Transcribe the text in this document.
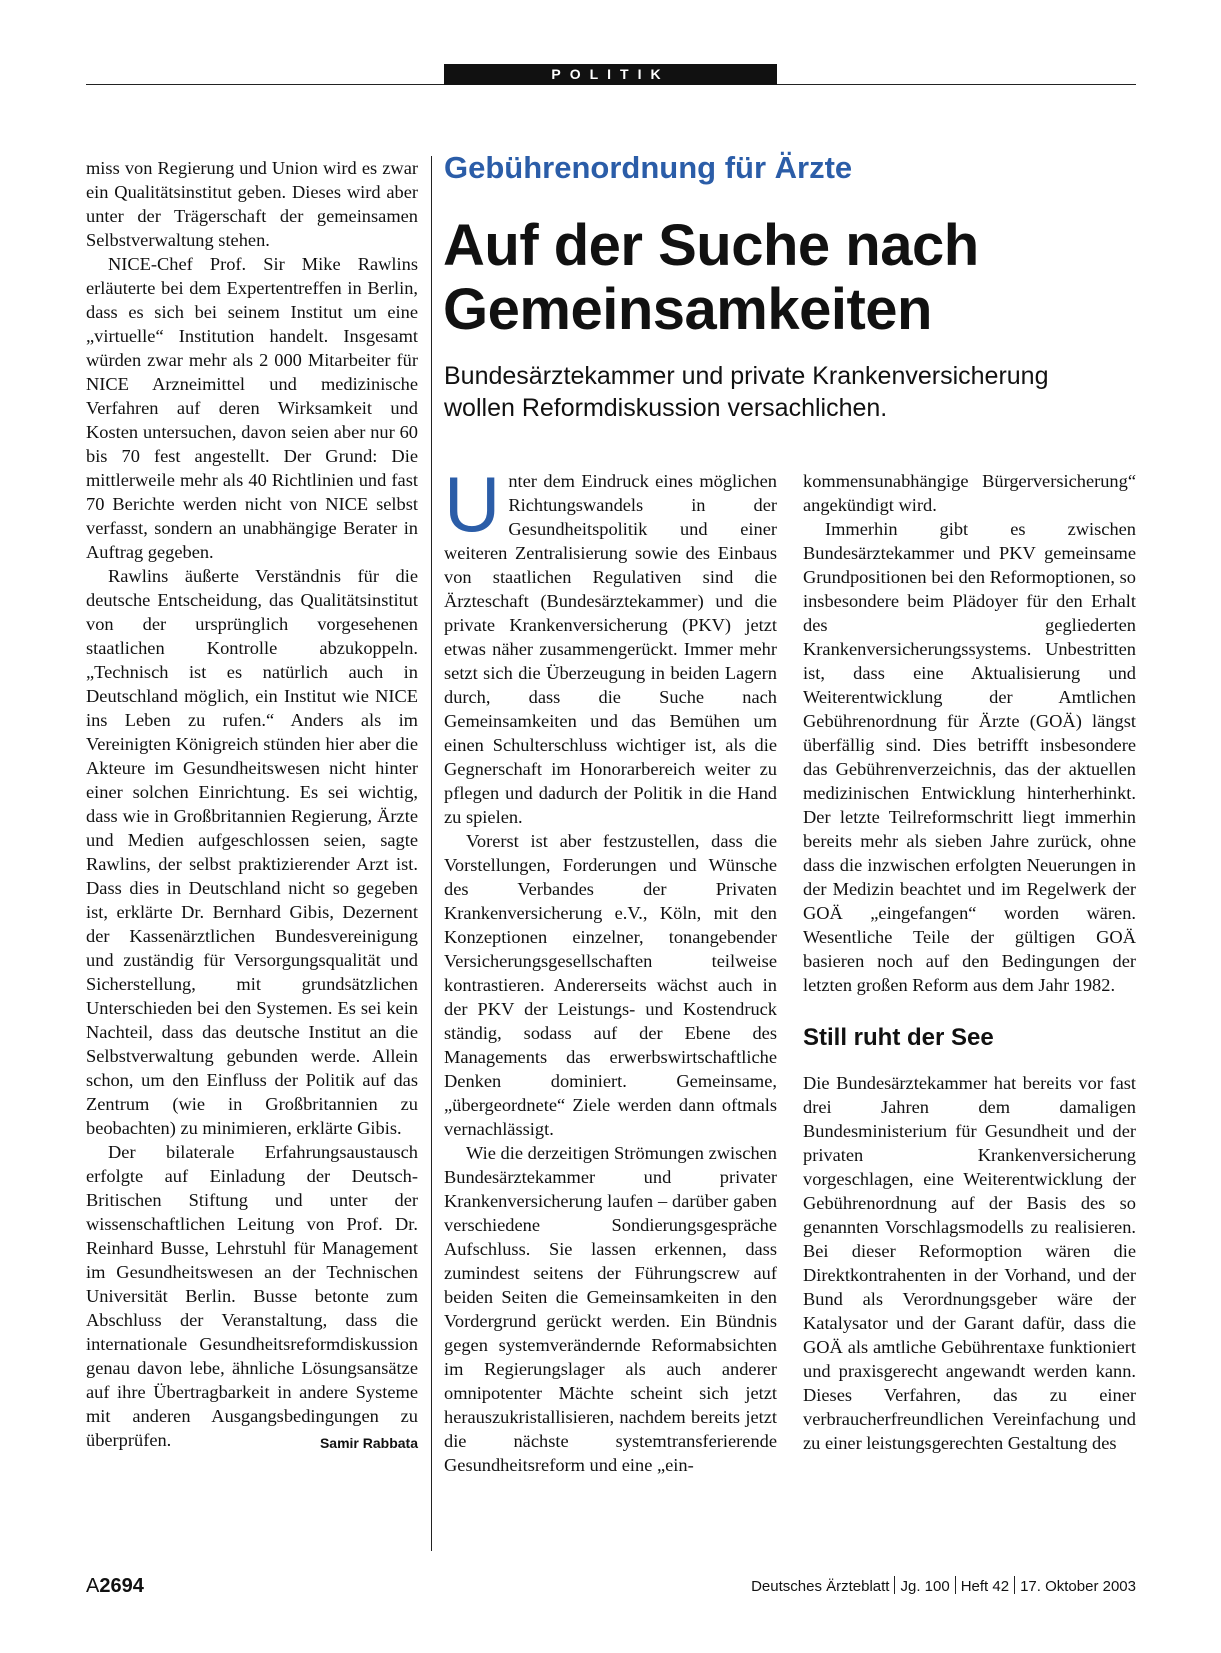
POLITIK
Gebührenordnung für Ärzte
Auf der Suche nach
Gemeinsamkeiten
Bundesärztekammer und private Krankenversicherung
wollen Reformdiskussion versachlichen.

miss von Regierung und Union wird es zwar ein Qualitätsinstitut geben. Dieses wird aber unter der Trägerschaft der gemeinsamen Selbstverwaltung stehen.

NICE-Chef Prof. Sir Mike Rawlins erläuterte bei dem Expertentreffen in Berlin, dass es sich bei seinem Institut um eine „virtuelle“ Institution handelt. Insgesamt würden zwar mehr als 2 000 Mitarbeiter für NICE Arzneimittel und medizinische Verfahren auf deren Wirksamkeit und Kosten untersuchen, davon seien aber nur 60 bis 70 fest angestellt. Der Grund: Die mittlerweile mehr als 40 Richtlinien und fast 70 Berichte werden nicht von NICE selbst verfasst, sondern an unabhängige Berater in Auftrag gegeben.

Rawlins äußerte Verständnis für die deutsche Entscheidung, das Qualitätsinstitut von der ursprünglich vorgesehenen staatlichen Kontrolle abzukoppeln. „Technisch ist es natürlich auch in Deutschland möglich, ein Institut wie NICE ins Leben zu rufen.“ Anders als im Vereinigten Königreich stünden hier aber die Akteure im Gesundheitswesen nicht hinter einer solchen Einrichtung. Es sei wichtig, dass wie in Großbritannien Regierung, Ärzte und Medien aufgeschlossen seien, sagte Rawlins, der selbst praktizierender Arzt ist. Dass dies in Deutschland nicht so gegeben ist, erklärte Dr. Bernhard Gibis, Dezernent der Kassenärztlichen Bundesvereinigung und zuständig für Versorgungsqualität und Sicherstellung, mit grundsätzlichen Unterschieden bei den Systemen. Es sei kein Nachteil, dass das deutsche Institut an die Selbstverwaltung gebunden werde. Allein schon, um den Einfluss der Politik auf das Zentrum (wie in Großbritannien zu beobachten) zu minimieren, erklärte Gibis.

Der bilaterale Erfahrungsaustausch erfolgte auf Einladung der Deutsch-Britischen Stiftung und unter der wissenschaftlichen Leitung von Prof. Dr. Reinhard Busse, Lehrstuhl für Management im Gesundheitswesen an der Technischen Universität Berlin. Busse betonte zum Abschluss der Veranstaltung, dass die internationale Gesundheitsreformdiskussion genau davon lebe, ähnliche Lösungsansätze auf ihre Übertragbarkeit in andere Systeme mit anderen Ausgangsbedingungen zu überprüfen.	Samir Rabbata

Unter dem Eindruck eines möglichen Richtungswandels in der Gesundheitspolitik und einer weiteren Zentralisierung sowie des Einbaus von staatlichen Regulativen sind die Ärzteschaft (Bundesärztekammer) und die private Krankenversicherung (PKV) jetzt etwas näher zusammengerückt. Immer mehr setzt sich die Überzeugung in beiden Lagern durch, dass die Suche nach Gemeinsamkeiten und das Bemühen um einen Schulterschluss wichtiger ist, als die Gegnerschaft im Honorarbereich weiter zu pflegen und dadurch der Politik in die Hand zu spielen.

Vorerst ist aber festzustellen, dass die Vorstellungen, Forderungen und Wünsche des Verbandes der Privaten Krankenversicherung e.V., Köln, mit den Konzeptionen einzelner, tonangebender Versicherungsgesellschaften teilweise kontrastieren. Andererseits wächst auch in der PKV der Leistungs- und Kostendruck ständig, sodass auf der Ebene des Managements das erwerbswirtschaftliche Denken dominiert. Gemeinsame, „übergeordnete“ Ziele werden dann oftmals vernachlässigt.

Wie die derzeitigen Strömungen zwischen Bundesärztekammer und privater Krankenversicherung laufen – darüber gaben verschiedene Sondierungsgespräche Aufschluss. Sie lassen erkennen, dass zumindest seitens der Führungscrew auf beiden Seiten die Gemeinsamkeiten in den Vordergrund gerückt werden. Ein Bündnis gegen systemverändernde Reformabsichten im Regierungslager als auch anderer omnipotenter Mächte scheint sich jetzt herauszukristallisieren, nachdem bereits jetzt die nächste systemtransferierende Gesundheitsreform und eine „ein-

kommensunabhängige Bürgerversicherung“ angekündigt wird.

Immerhin gibt es zwischen Bundesärztekammer und PKV gemeinsame Grundpositionen bei den Reformoptionen, so insbesondere beim Plädoyer für den Erhalt des gegliederten Krankenversicherungssystems. Unbestritten ist, dass eine Aktualisierung und Weiterentwicklung der Amtlichen Gebührenordnung für Ärzte (GOÄ) längst überfällig sind. Dies betrifft insbesondere das Gebührenverzeichnis, das der aktuellen medizinischen Entwicklung hinterherhinkt. Der letzte Teilreformschritt liegt immerhin bereits mehr als sieben Jahre zurück, ohne dass die inzwischen erfolgten Neuerungen in der Medizin beachtet und im Regelwerk der GOÄ „eingefangen“ worden wären. Wesentliche Teile der gültigen GOÄ basieren noch auf den Bedingungen der letzten großen Reform aus dem Jahr 1982.

Still ruht der See

Die Bundesärztekammer hat bereits vor fast drei Jahren dem damaligen Bundesministerium für Gesundheit und der privaten Krankenversicherung vorgeschlagen, eine Weiterentwicklung der Gebührenordnung auf der Basis des so genannten Vorschlagsmodells zu realisieren. Bei dieser Reformoption wären die Direktkontrahenten in der Vorhand, und der Bund als Verordnungsgeber wäre der Katalysator und der Garant dafür, dass die GOÄ als amtliche Gebührentaxe funktioniert und praxisgerecht angewandt werden kann. Dieses Verfahren, das zu einer verbraucherfreundlichen Vereinfachung und zu einer leistungsgerechten Gestaltung des

A2694	Deutsches Ärzteblatt Jg. 100 Heft 42 17. Oktober 2003
